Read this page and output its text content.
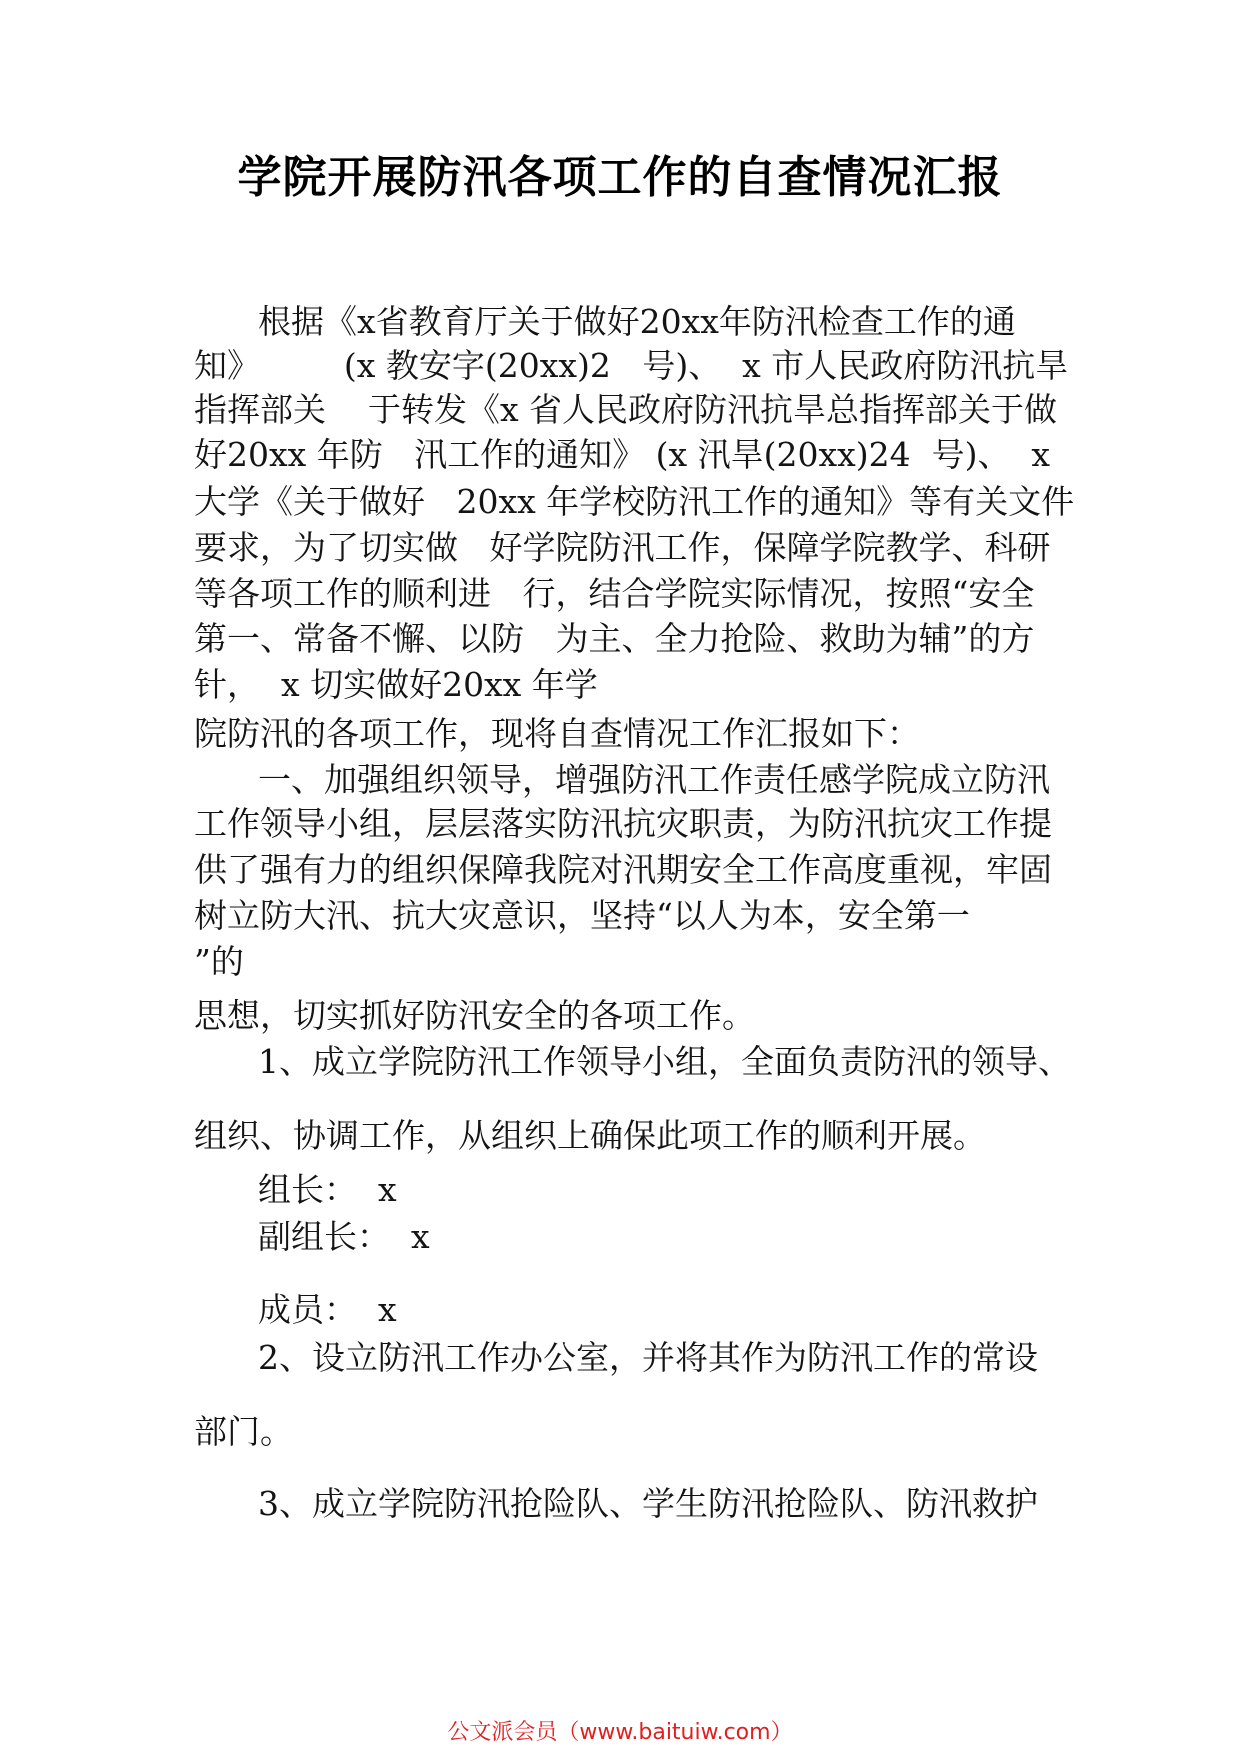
学院开展防汛各项工作的自查情况汇报
根据《x省教育厅关于做好20xx年防汛检查工作的通
知》        (x 教安字(20xx)2   号)、  x 市人民政府防汛抗旱
指挥部关    于转发《x 省人民政府防汛抗旱总指挥部关于做
好20xx 年防   汛工作的通知》 (x 汛旱(20xx)24  号)、  x
大学《关于做好   20xx 年学校防汛工作的通知》等有关文件
要求，为了切实做   好学院防汛工作，保障学院教学、科研
等各项工作的顺利进   行，结合学院实际情况，按照“安全
第一、常备不懈、以防   为主、全力抢险、救助为辅”的方
针，  x 切实做好20xx 年学
院防汛的各项工作，现将自查情况工作汇报如下：
一、加强组织领导，增强防汛工作责任感学院成立防汛
工作领导小组，层层落实防汛抗灾职责，为防汛抗灾工作提
供了强有力的组织保障我院对汛期安全工作高度重视，牢固
树立防大汛、抗大灾意识，坚持“以人为本，安全第一
”的
思想，切实抓好防汛安全的各项工作。
1、成立学院防汛工作领导小组，全面负责防汛的领导、
组织、协调工作，从组织上确保此项工作的顺利开展。
组长：  x
副组长：  x
成员：  x
2、设立防汛工作办公室，并将其作为防汛工作的常设
部门。
3、成立学院防汛抢险队、学生防汛抢险队、防汛救护
公文派会员（www.baituiw.com）
